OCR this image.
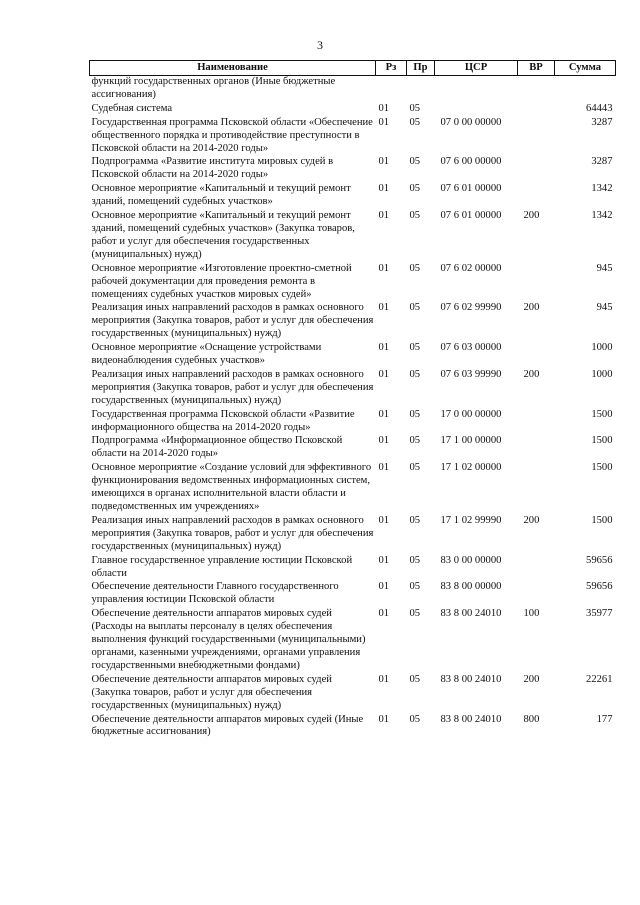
3
Наименование	Рз	Пр	ЦСР	ВР	Сумма
функций государственных органов (Иные бюджетные ассигнования)					
Судебная система	01	05			64443
Государственная программа Псковской области «Обеспечение общественного порядка и противодействие преступности в Псковской области на 2014-2020 годы»	01	05	07 0 00 00000		3287
Подпрограмма «Развитие института мировых судей в Псковской области на 2014-2020 годы»	01	05	07 6 00 00000		3287
Основное мероприятие «Капитальный и текущий ремонт зданий, помещений судебных участков»	01	05	07 6 01 00000		1342
Основное мероприятие «Капитальный и текущий ремонт зданий, помещений судебных участков» (Закупка товаров, работ и услуг для обеспечения государственных (муниципальных) нужд)	01	05	07 6 01 00000	200	1342
Основное мероприятие «Изготовление проектно-сметной рабочей документации для проведения ремонта в помещениях судебных участков мировых судей»	01	05	07 6 02 00000		945
Реализация иных направлений расходов в рамках основного мероприятия (Закупка товаров, работ и услуг для обеспечения государственных (муниципальных) нужд)	01	05	07 6 02 99990	200	945
Основное мероприятие «Оснащение устройствами видеонаблюдения судебных участков»	01	05	07 6 03 00000		1000
Реализация иных направлений расходов в рамках основного мероприятия (Закупка товаров, работ и услуг для обеспечения государственных (муниципальных) нужд)	01	05	07 6 03 99990	200	1000
Государственная программа Псковской области «Развитие информационного общества на 2014-2020 годы»	01	05	17 0 00 00000		1500
Подпрограмма «Информационное общество Псковской области на 2014-2020 годы»	01	05	17 1 00 00000		1500
Основное мероприятие «Создание условий для эффективного функционирования ведомственных информационных систем, имеющихся в органах исполнительной власти области и подведомственных им учреждениях»	01	05	17 1 02 00000		1500
Реализация иных направлений расходов в рамках основного мероприятия (Закупка товаров, работ и услуг для обеспечения государственных (муниципальных) нужд)	01	05	17 1 02 99990	200	1500
Главное государственное управление юстиции Псковской области	01	05	83 0 00 00000		59656
Обеспечение деятельности Главного государственного управления юстиции Псковской области	01	05	83 8 00 00000		59656
Обеспечение деятельности аппаратов мировых судей (Расходы на выплаты персоналу в целях обеспечения выполнения функций государственными (муниципальными) органами, казенными учреждениями, органами управления государственными внебюджетными фондами)	01	05	83 8 00 24010	100	35977
Обеспечение деятельности аппаратов мировых судей (Закупка товаров, работ и услуг для обеспечения государственных (муниципальных) нужд)	01	05	83 8 00 24010	200	22261
Обеспечение деятельности аппаратов мировых судей (Иные бюджетные ассигнования)	01	05	83 8 00 24010	800	177
